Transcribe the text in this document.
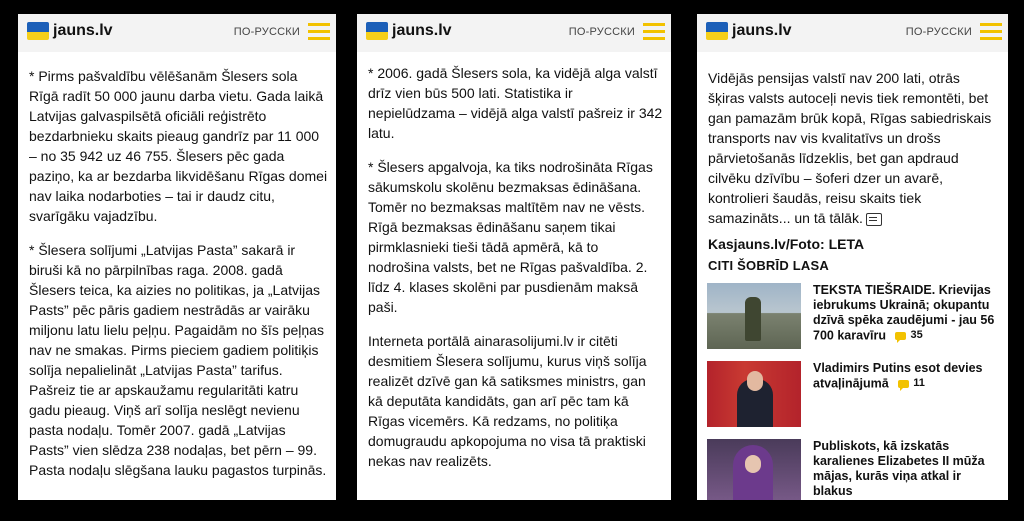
jauns.lv	ПО-РУССКИ

* Pirms pašvaldību vēlēšanām Šlesers sola Rīgā radīt 50 000 jaunu darba vietu. Gada laikā Latvijas galvaspilsētā oficiāli reģistrēto bezdarbnieku skaits pieaug gandrīz par 11 000 – no 35 942 uz 46 755. Šlesers pēc gada paziņo, ka ar bezdarba likvidēšanu Rīgas domei nav laika nodarboties – tai ir daudz citu, svarīgāku vajadzību.

* Šlesera solījumi „Latvijas Pasta” sakarā ir biruši kā no pārpilnības raga. 2008. gadā Šlesers teica, ka aizies no politikas, ja „Latvijas Pasts” pēc pāris gadiem nestrādās ar vairāku miljonu latu lielu peļņu. Pagaidām no šīs peļņas nav ne smakas. Pirms pieciem gadiem politiķis solīja nepalielināt „Latvijas Pasta” tarifus. Pašreiz tie ar apskaužamu regularitāti katru gadu pieaug. Viņš arī solīja neslēgt nevienu pasta nodaļu. Tomēr 2007. gadā „Latvijas Pasts” vien slēdza 238 nodaļas, bet pērn – 99. Pasta nodaļu slēgšana lauku pagastos turpinās.

jauns.lv	ПО-РУССКИ

* 2006. gadā Šlesers sola, ka vidējā alga valstī drīz vien būs 500 lati. Statistika ir nepielūdzama – vidējā alga valstī pašreiz ir 342 latu.

* Šlesers apgalvoja, ka tiks nodrošināta Rīgas sākumskolu skolēnu bezmaksas ēdināšana. Tomēr no bezmaksas maltītēm nav ne vēsts. Rīgā bezmaksas ēdināšanu saņem tikai pirmklasnieki tieši tādā apmērā, kā to nodrošina valsts, bet ne Rīgas pašvaldība. 2. līdz 4. klases skolēni par pusdienām maksā paši.

Interneta portālā ainarasolijumi.lv ir citēti desmitiem Šlesera solījumu, kurus viņš solīja realizēt dzīvē gan kā satiksmes ministrs, gan kā deputāta kandidāts, gan arī pēc tam kā Rīgas vicemērs. Kā redzams, no politiķa domugraudu apkopojuma no visa tā praktiski nekas nav realizēts.

jauns.lv	ПО-РУССКИ

Vidējās pensijas valstī nav 200 lati, otrās šķiras valsts autoceļi nevis tiek remontēti, bet gan pamazām brūk kopā, Rīgas sabiedriskais transports nav vis kvalitatīvs un drošs pārvietošanās līdzeklis, bet gan apdraud cilvēku dzīvību – šoferi dzer un avarē, kontrolieri šaudās, reisu skaits tiek samazināts... un tā tālāk.

Kasjauns.lv/Foto: LETA
CITI ŠOBRĪD LASA
TEKSTA TIEŠRAIDE. Krievijas iebrukums Ukrainā; okupantu dzīvā spēka zaudējumi - jau 56 700 karavīru 35
Vladimirs Putins esot devies atvaļinājumā 11
Publiskots, kā izskatās karalienes Elizabetes II mūža mājas, kurās viņa atkal ir blakus
